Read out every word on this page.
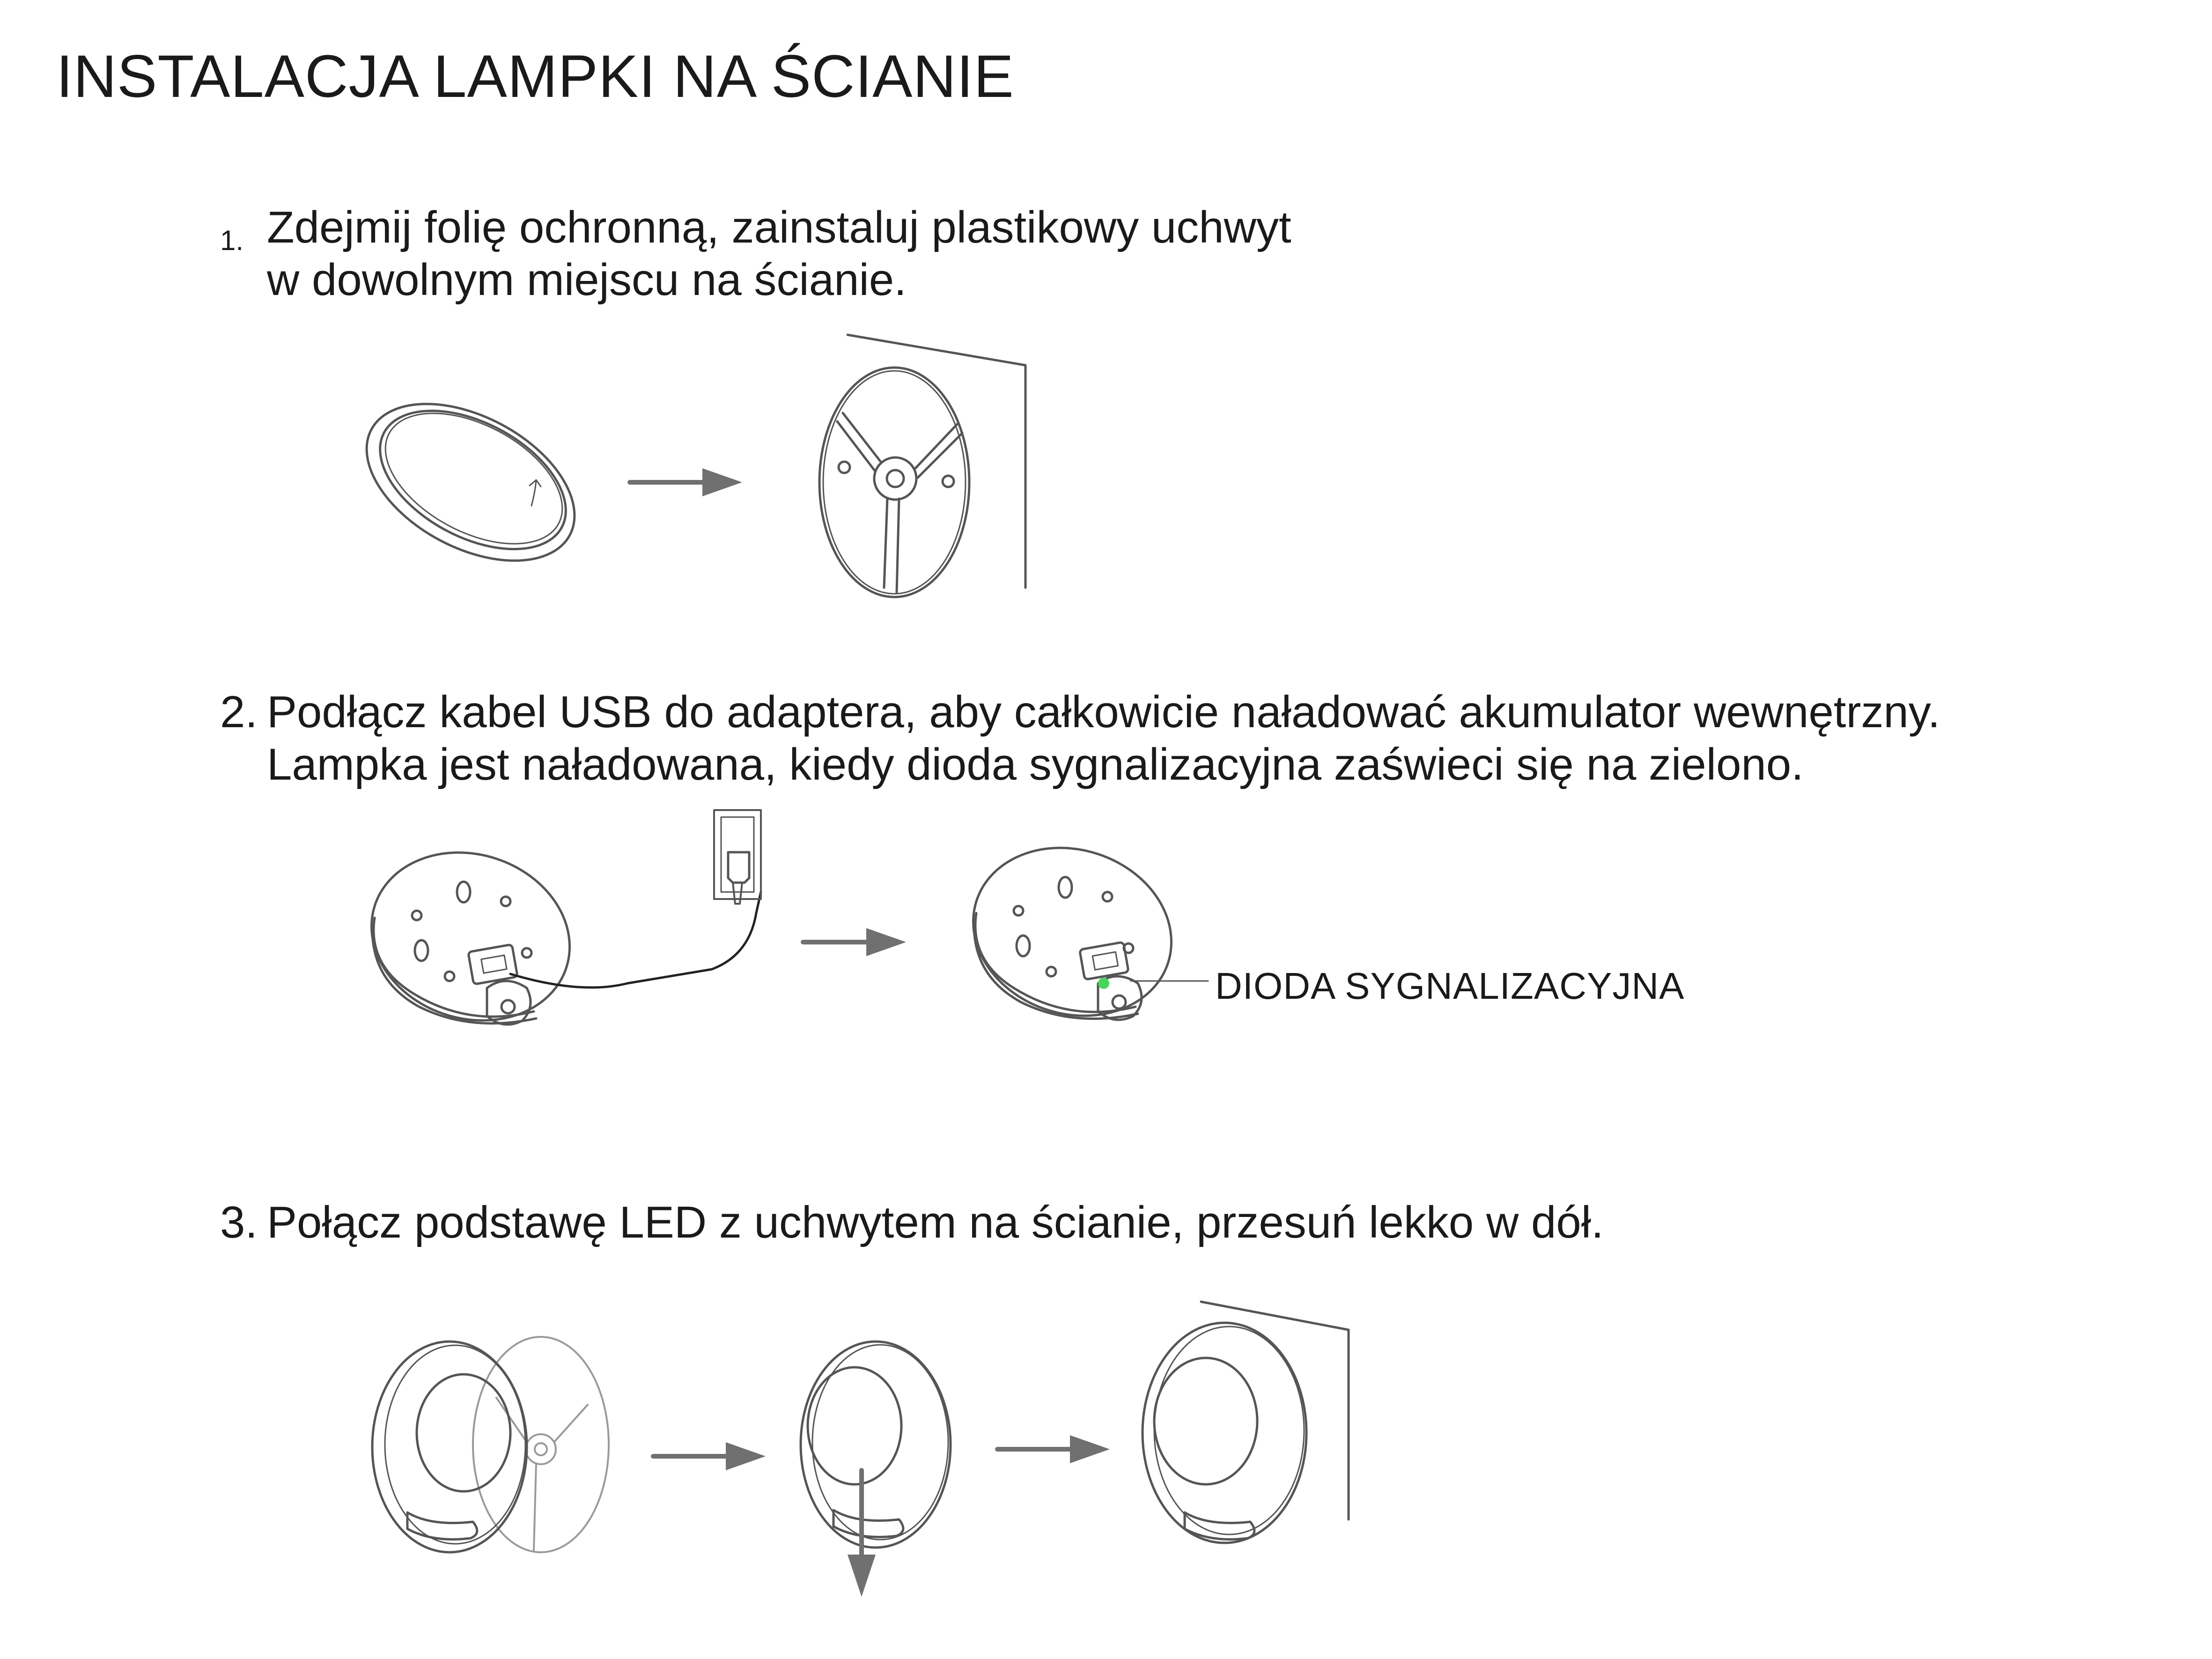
INSTALACJA LAMPKI NA ŚCIANIE
1. Zdejmij folię ochronną, zainstaluj plastikowy uchwyt
w dowolnym miejscu na ścianie.
2. Podłącz kabel USB do adaptera, aby całkowicie naładować akumulator wewnętrzny.
Lampka jest naładowana, kiedy dioda sygnalizacyjna zaświeci się na zielono.
3. Połącz podstawę LED z uchwytem na ścianie, przesuń lekko w dół.
DIODA SYGNALIZACYJNA
